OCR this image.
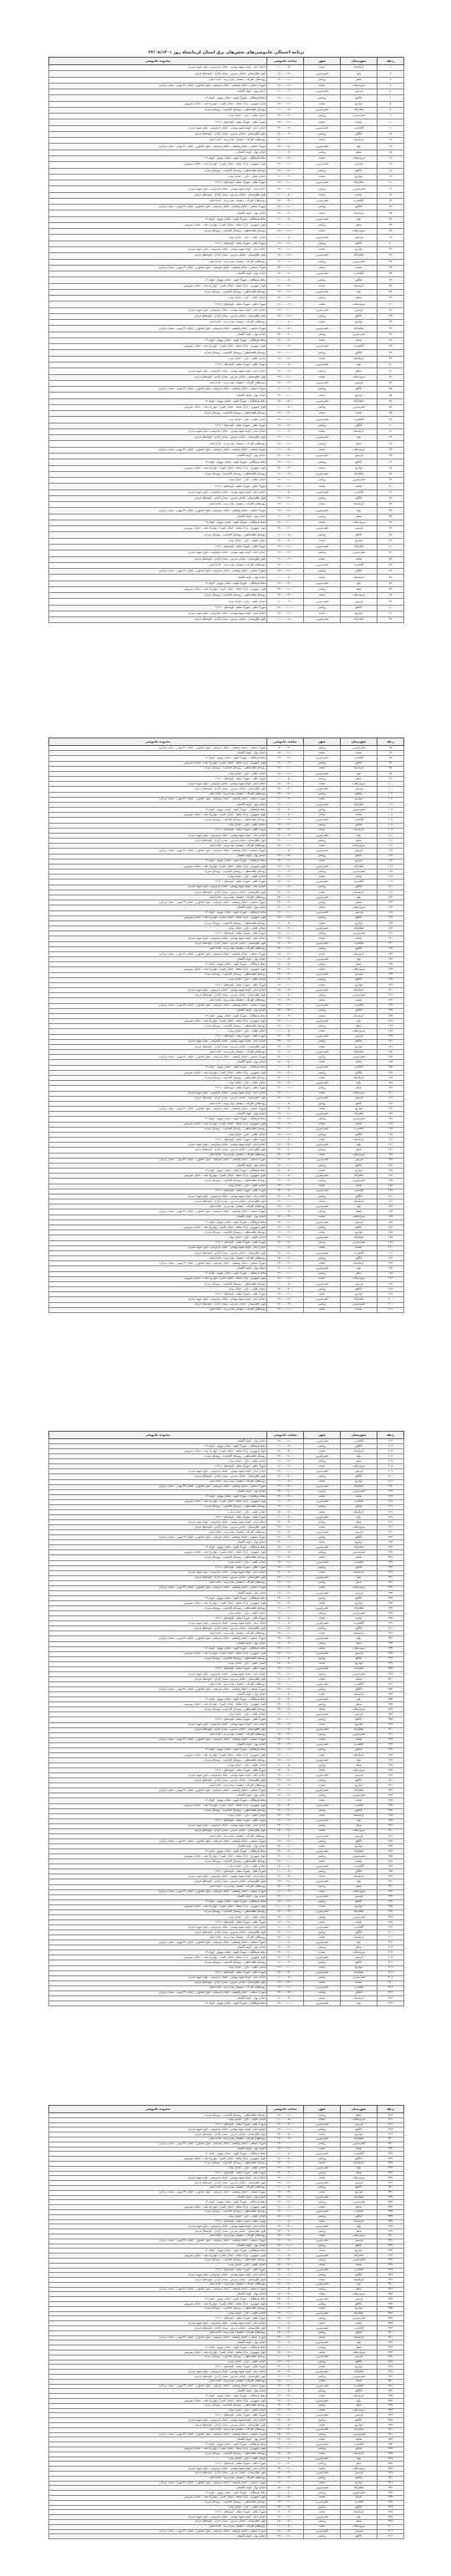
برنامه احتمالی خاموشی‌های بخش‌های برق استان کرمانشاه روز ۲۲/۰۸/۱۴۰۱
ردیف	شهرستان	شهر	ساعت خاموشی	محدوده خاموشی
۱	کرمانشاه	صحنه	۰۸:۰۰ - ۱۰:۰۰	خیابان امام - کوچه شهید بهشتی - خیابان فردوسی - بلوار شهید چمران
۲	پاوه	قصرشیرین	۱۴:۰۰ - ۱۶:۰۰	بلوار طاق‌بستان - خیابان مدرس - میدان آزادی - کوچه‌های فرعی
۳	سنقر	روانسر	۱۱:۰۰ - ۱۳:۰۰	روستاهای اطراف - دهستان میان‌دربند - جاده اصلی
۴	سرپل‌ذهاب	صحنه	۱۲:۰۰ - ۱۴:۰۰	شهرک صنعتی - خیابان ولیعصر - خیابان شریعتی - بلوار کشاورز - خیابان ۲۲ بهمن - میدان مرکزی
۵	هرسین	قصرشیرین	۰۹:۰۰ - ۱۱:۰۰	خیابان بهار - کوچه گلستان
۶	دالاهو	روانسر	۱۰:۰۰ - ۱۲:۰۰	محله فرهنگیان - شهرک الهیه - خیابان نوبهار - کوچه ۱۲
۷	جوانرود	صحنه	۱۶:۰۰ - ۱۸:۰۰	بلوار جمهوری - پارک شاهد - خیابان کسرا - چهارراه نفت - خیابان سیروس
۸	اسلام‌آباد	قصرشیرین	۰۸:۰۰ - ۱۰:۰۰	روستای قلعه‌شاهین - روستای کله‌جوب - روستای سراب
۹	قصرشیرین	روانسر	۱۴:۰۰ - ۱۶:۰۰	خیابان جلیلی - بازار - خیابان نواب
۱۰	صحنه	صحنه	۱۱:۰۰ - ۱۳:۰۰	شهرک ظفر - شهرک معلم - کوچه‌های ۱ تا ۱۴
۱۱	گیلانغرب	قصرشیرین	۱۲:۰۰ - ۱۴:۰۰	خیابان امام - کوچه شهید بهشتی - خیابان فردوسی - بلوار شهید چمران
۱۲	کنگاور	روانسر	۰۹:۰۰ - ۱۱:۰۰	بلوار طاق‌بستان - خیابان مدرس - میدان آزادی - کوچه‌های فرعی
۱۳	کرمانشاه	صحنه	۱۰:۰۰ - ۱۲:۰۰	روستاهای اطراف - دهستان میان‌دربند - جاده اصلی
۱۴	پاوه	قصرشیرین	۱۶:۰۰ - ۱۸:۰۰	شهرک صنعتی - خیابان ولیعصر - خیابان شریعتی - بلوار کشاورز - خیابان ۲۲ بهمن - میدان مرکزی
۱۵	سنقر	روانسر	۰۸:۰۰ - ۱۰:۰۰	خیابان بهار - کوچه گلستان
۱۶	سرپل‌ذهاب	صحنه	۱۴:۰۰ - ۱۶:۰۰	محله فرهنگیان - شهرک الهیه - خیابان نوبهار - کوچه ۱۲
۱۷	هرسین	قصرشیرین	۱۱:۰۰ - ۱۳:۰۰	بلوار جمهوری - پارک شاهد - خیابان کسرا - چهارراه نفت - خیابان سیروس
۱۸	دالاهو	روانسر	۱۲:۰۰ - ۱۴:۰۰	روستای قلعه‌شاهین - روستای کله‌جوب - روستای سراب
۱۹	جوانرود	صحنه	۰۹:۰۰ - ۱۱:۰۰	خیابان جلیلی - بازار - خیابان نواب
۲۰	اسلام‌آباد	قصرشیرین	۱۰:۰۰ - ۱۲:۰۰	شهرک ظفر - شهرک معلم - کوچه‌های ۱ تا ۱۴
۲۱	قصرشیرین	روانسر	۱۶:۰۰ - ۱۸:۰۰	خیابان امام - کوچه شهید بهشتی - خیابان فردوسی - بلوار شهید چمران
۲۲	صحنه	صحنه	۰۸:۰۰ - ۱۰:۰۰	بلوار طاق‌بستان - خیابان مدرس - میدان آزادی - کوچه‌های فرعی
۲۳	گیلانغرب	قصرشیرین	۱۴:۰۰ - ۱۶:۰۰	روستاهای اطراف - دهستان میان‌دربند - جاده اصلی
۲۴	کنگاور	روانسر	۱۱:۰۰ - ۱۳:۰۰	شهرک صنعتی - خیابان ولیعصر - خیابان شریعتی - بلوار کشاورز - خیابان ۲۲ بهمن - میدان مرکزی
۲۵	کرمانشاه	صحنه	۱۲:۰۰ - ۱۴:۰۰	خیابان بهار - کوچه گلستان
۲۶	پاوه	قصرشیرین	۰۹:۰۰ - ۱۱:۰۰	محله فرهنگیان - شهرک الهیه - خیابان نوبهار - کوچه ۱۲
۲۷	سنقر	روانسر	۱۰:۰۰ - ۱۲:۰۰	بلوار جمهوری - پارک شاهد - خیابان کسرا - چهارراه نفت - خیابان سیروس
۲۸	سرپل‌ذهاب	صحنه	۱۶:۰۰ - ۱۸:۰۰	روستای قلعه‌شاهین - روستای کله‌جوب - روستای سراب
۲۹	هرسین	قصرشیرین	۰۸:۰۰ - ۱۰:۰۰	خیابان جلیلی - بازار - خیابان نواب
۳۰	دالاهو	روانسر	۱۴:۰۰ - ۱۶:۰۰	شهرک ظفر - شهرک معلم - کوچه‌های ۱ تا ۱۴
۳۱	جوانرود	صحنه	۱۱:۰۰ - ۱۳:۰۰	خیابان امام - کوچه شهید بهشتی - خیابان فردوسی - بلوار شهید چمران
۳۲	اسلام‌آباد	قصرشیرین	۱۲:۰۰ - ۱۴:۰۰	بلوار طاق‌بستان - خیابان مدرس - میدان آزادی - کوچه‌های فرعی
۳۳	قصرشیرین	روانسر	۰۹:۰۰ - ۱۱:۰۰	روستاهای اطراف - دهستان میان‌دربند - جاده اصلی
۳۴	صحنه	صحنه	۱۰:۰۰ - ۱۲:۰۰	شهرک صنعتی - خیابان ولیعصر - خیابان شریعتی - بلوار کشاورز - خیابان ۲۲ بهمن - میدان مرکزی
۳۵	گیلانغرب	قصرشیرین	۱۶:۰۰ - ۱۸:۰۰	خیابان بهار - کوچه گلستان
۳۶	کنگاور	روانسر	۰۸:۰۰ - ۱۰:۰۰	محله فرهنگیان - شهرک الهیه - خیابان نوبهار - کوچه ۱۲
۳۷	کرمانشاه	صحنه	۱۴:۰۰ - ۱۶:۰۰	بلوار جمهوری - پارک شاهد - خیابان کسرا - چهارراه نفت - خیابان سیروس
۳۸	پاوه	قصرشیرین	۱۱:۰۰ - ۱۳:۰۰	روستای قلعه‌شاهین - روستای کله‌جوب - روستای سراب
۳۹	سنقر	روانسر	۱۲:۰۰ - ۱۴:۰۰	خیابان جلیلی - بازار - خیابان نواب
۴۰	سرپل‌ذهاب	صحنه	۰۹:۰۰ - ۱۱:۰۰	شهرک ظفر - شهرک معلم - کوچه‌های ۱ تا ۱۴
۴۱	هرسین	قصرشیرین	۱۰:۰۰ - ۱۲:۰۰	خیابان امام - کوچه شهید بهشتی - خیابان فردوسی - بلوار شهید چمران
۴۲	دالاهو	روانسر	۱۶:۰۰ - ۱۸:۰۰	بلوار طاق‌بستان - خیابان مدرس - میدان آزادی - کوچه‌های فرعی
۴۳	جوانرود	صحنه	۰۸:۰۰ - ۱۰:۰۰	روستاهای اطراف - دهستان میان‌دربند - جاده اصلی
۴۴	اسلام‌آباد	قصرشیرین	۱۴:۰۰ - ۱۶:۰۰	شهرک صنعتی - خیابان ولیعصر - خیابان شریعتی - بلوار کشاورز - خیابان ۲۲ بهمن - میدان مرکزی
۴۵	قصرشیرین	روانسر	۱۱:۰۰ - ۱۳:۰۰	خیابان بهار - کوچه گلستان
۴۶	صحنه	صحنه	۱۲:۰۰ - ۱۴:۰۰	محله فرهنگیان - شهرک الهیه - خیابان نوبهار - کوچه ۱۲
۴۷	گیلانغرب	قصرشیرین	۰۹:۰۰ - ۱۱:۰۰	بلوار جمهوری - پارک شاهد - خیابان کسرا - چهارراه نفت - خیابان سیروس
۴۸	کنگاور	روانسر	۱۰:۰۰ - ۱۲:۰۰	روستای قلعه‌شاهین - روستای کله‌جوب - روستای سراب
۴۹	کرمانشاه	صحنه	۱۶:۰۰ - ۱۸:۰۰	خیابان جلیلی - بازار - خیابان نواب
۵۰	پاوه	قصرشیرین	۰۸:۰۰ - ۱۰:۰۰	شهرک ظفر - شهرک معلم - کوچه‌های ۱ تا ۱۴
۵۱	سنقر	روانسر	۱۴:۰۰ - ۱۶:۰۰	خیابان امام - کوچه شهید بهشتی - خیابان فردوسی - بلوار شهید چمران
۵۲	سرپل‌ذهاب	صحنه	۱۱:۰۰ - ۱۳:۰۰	بلوار طاق‌بستان - خیابان مدرس - میدان آزادی - کوچه‌های فرعی
۵۳	هرسین	قصرشیرین	۱۲:۰۰ - ۱۴:۰۰	روستاهای اطراف - دهستان میان‌دربند - جاده اصلی
۵۴	دالاهو	روانسر	۰۹:۰۰ - ۱۱:۰۰	شهرک صنعتی - خیابان ولیعصر - خیابان شریعتی - بلوار کشاورز - خیابان ۲۲ بهمن - میدان مرکزی
۵۵	جوانرود	صحنه	۱۰:۰۰ - ۱۲:۰۰	خیابان بهار - کوچه گلستان
۵۶	اسلام‌آباد	قصرشیرین	۱۶:۰۰ - ۱۸:۰۰	محله فرهنگیان - شهرک الهیه - خیابان نوبهار - کوچه ۱۲
۵۷	قصرشیرین	روانسر	۰۸:۰۰ - ۱۰:۰۰	بلوار جمهوری - پارک شاهد - خیابان کسرا - چهارراه نفت - خیابان سیروس
۵۸	صحنه	صحنه	۱۴:۰۰ - ۱۶:۰۰	روستای قلعه‌شاهین - روستای کله‌جوب - روستای سراب
۵۹	گیلانغرب	قصرشیرین	۱۱:۰۰ - ۱۳:۰۰	خیابان جلیلی - بازار - خیابان نواب
۶۰	کنگاور	روانسر	۱۲:۰۰ - ۱۴:۰۰	شهرک ظفر - شهرک معلم - کوچه‌های ۱ تا ۱۴
۶۱	کرمانشاه	صحنه	۰۹:۰۰ - ۱۱:۰۰	خیابان امام - کوچه شهید بهشتی - خیابان فردوسی - بلوار شهید چمران
۶۲	پاوه	قصرشیرین	۱۰:۰۰ - ۱۲:۰۰	بلوار طاق‌بستان - خیابان مدرس - میدان آزادی - کوچه‌های فرعی
۶۳	سنقر	روانسر	۱۶:۰۰ - ۱۸:۰۰	روستاهای اطراف - دهستان میان‌دربند - جاده اصلی
۶۴	سرپل‌ذهاب	صحنه	۰۸:۰۰ - ۱۰:۰۰	شهرک صنعتی - خیابان ولیعصر - خیابان شریعتی - بلوار کشاورز - خیابان ۲۲ بهمن - میدان مرکزی
۶۵	هرسین	قصرشیرین	۱۴:۰۰ - ۱۶:۰۰	خیابان بهار - کوچه گلستان
۶۶	دالاهو	روانسر	۱۱:۰۰ - ۱۳:۰۰	محله فرهنگیان - شهرک الهیه - خیابان نوبهار - کوچه ۱۲
۶۷	جوانرود	صحنه	۱۲:۰۰ - ۱۴:۰۰	بلوار جمهوری - پارک شاهد - خیابان کسرا - چهارراه نفت - خیابان سیروس
۶۸	اسلام‌آباد	قصرشیرین	۰۹:۰۰ - ۱۱:۰۰	روستای قلعه‌شاهین - روستای کله‌جوب - روستای سراب
۶۹	قصرشیرین	روانسر	۱۰:۰۰ - ۱۲:۰۰	خیابان جلیلی - بازار - خیابان نواب
۷۰	صحنه	صحنه	۱۶:۰۰ - ۱۸:۰۰	شهرک ظفر - شهرک معلم - کوچه‌های ۱ تا ۱۴
۷۱	گیلانغرب	قصرشیرین	۰۸:۰۰ - ۱۰:۰۰	خیابان امام - کوچه شهید بهشتی - خیابان فردوسی - بلوار شهید چمران
۷۲	کنگاور	روانسر	۱۴:۰۰ - ۱۶:۰۰	بلوار طاق‌بستان - خیابان مدرس - میدان آزادی - کوچه‌های فرعی
۷۳	کرمانشاه	صحنه	۱۱:۰۰ - ۱۳:۰۰	روستاهای اطراف - دهستان میان‌دربند - جاده اصلی
۷۴	پاوه	قصرشیرین	۱۲:۰۰ - ۱۴:۰۰	شهرک صنعتی - خیابان ولیعصر - خیابان شریعتی - بلوار کشاورز - خیابان ۲۲ بهمن - میدان مرکزی
۷۵	سنقر	روانسر	۰۹:۰۰ - ۱۱:۰۰	خیابان بهار - کوچه گلستان
۷۶	سرپل‌ذهاب	صحنه	۱۰:۰۰ - ۱۲:۰۰	محله فرهنگیان - شهرک الهیه - خیابان نوبهار - کوچه ۱۲
۷۷	هرسین	قصرشیرین	۱۶:۰۰ - ۱۸:۰۰	بلوار جمهوری - پارک شاهد - خیابان کسرا - چهارراه نفت - خیابان سیروس
۷۸	دالاهو	روانسر	۰۸:۰۰ - ۱۰:۰۰	روستای قلعه‌شاهین - روستای کله‌جوب - روستای سراب
۷۹	جوانرود	صحنه	۱۴:۰۰ - ۱۶:۰۰	خیابان جلیلی - بازار - خیابان نواب
۸۰	اسلام‌آباد	قصرشیرین	۱۱:۰۰ - ۱۳:۰۰	شهرک ظفر - شهرک معلم - کوچه‌های ۱ تا ۱۴
۸۱	قصرشیرین	روانسر	۱۲:۰۰ - ۱۴:۰۰	خیابان امام - کوچه شهید بهشتی - خیابان فردوسی - بلوار شهید چمران
۸۲	صحنه	صحنه	۰۹:۰۰ - ۱۱:۰۰	بلوار طاق‌بستان - خیابان مدرس - میدان آزادی - کوچه‌های فرعی
۸۳	گیلانغرب	قصرشیرین	۱۰:۰۰ - ۱۲:۰۰	روستاهای اطراف - دهستان میان‌دربند - جاده اصلی
۸۴	کنگاور	روانسر	۱۶:۰۰ - ۱۸:۰۰	شهرک صنعتی - خیابان ولیعصر - خیابان شریعتی - بلوار کشاورز - خیابان ۲۲ بهمن - میدان مرکزی
۸۵	کرمانشاه	صحنه	۰۸:۰۰ - ۱۰:۰۰	خیابان بهار - کوچه گلستان
۸۶	پاوه	قصرشیرین	۱۴:۰۰ - ۱۶:۰۰	محله فرهنگیان - شهرک الهیه - خیابان نوبهار - کوچه ۱۲
۸۷	سنقر	روانسر	۱۱:۰۰ - ۱۳:۰۰	بلوار جمهوری - پارک شاهد - خیابان کسرا - چهارراه نفت - خیابان سیروس
۸۸	سرپل‌ذهاب	صحنه	۱۲:۰۰ - ۱۴:۰۰	روستای قلعه‌شاهین - روستای کله‌جوب - روستای سراب
۸۹	هرسین	قصرشیرین	۰۹:۰۰ - ۱۱:۰۰	خیابان جلیلی - بازار - خیابان نواب
۹۰	دالاهو	روانسر	۱۰:۰۰ - ۱۲:۰۰	شهرک ظفر - شهرک معلم - کوچه‌های ۱ تا ۱۴
۹۱	جوانرود	صحنه	۱۶:۰۰ - ۱۸:۰۰	خیابان امام - کوچه شهید بهشتی - خیابان فردوسی - بلوار شهید چمران
۹۲	اسلام‌آباد	قصرشیرین	۰۸:۰۰ - ۱۰:۰۰	بلوار طاق‌بستان - خیابان مدرس - میدان آزادی - کوچه‌های فرعی
ردیف	شهرستان	شهر	ساعت خاموشی	محدوده خاموشی
۹۳	قصرشیرین	روانسر	۱۴:۰۰ - ۱۶:۰۰	شهرک صنعتی - خیابان ولیعصر - خیابان شریعتی - بلوار کشاورز - خیابان ۲۲ بهمن - میدان مرکزی
۹۴	صحنه	صحنه	۱۱:۰۰ - ۱۳:۰۰	خیابان بهار - کوچه گلستان
۹۵	گیلانغرب	قصرشیرین	۱۲:۰۰ - ۱۴:۰۰	محله فرهنگیان - شهرک الهیه - خیابان نوبهار - کوچه ۱۲
۹۶	کنگاور	روانسر	۰۹:۰۰ - ۱۱:۰۰	بلوار جمهوری - پارک شاهد - خیابان کسرا - چهارراه نفت - خیابان سیروس
۹۷	کرمانشاه	صحنه	۱۰:۰۰ - ۱۲:۰۰	روستای قلعه‌شاهین - روستای کله‌جوب - روستای سراب
۹۸	پاوه	قصرشیرین	۱۶:۰۰ - ۱۸:۰۰	خیابان جلیلی - بازار - خیابان نواب
۹۹	سنقر	روانسر	۰۸:۰۰ - ۱۰:۰۰	شهرک ظفر - شهرک معلم - کوچه‌های ۱ تا ۱۴
۱۰۰	سرپل‌ذهاب	صحنه	۱۴:۰۰ - ۱۶:۰۰	خیابان امام - کوچه شهید بهشتی - خیابان فردوسی - بلوار شهید چمران
۱۰۱	هرسین	قصرشیرین	۱۱:۰۰ - ۱۳:۰۰	بلوار طاق‌بستان - خیابان مدرس - میدان آزادی - کوچه‌های فرعی
۱۰۲	دالاهو	روانسر	۱۲:۰۰ - ۱۴:۰۰	روستاهای اطراف - دهستان میان‌دربند - جاده اصلی
۱۰۳	جوانرود	صحنه	۰۹:۰۰ - ۱۱:۰۰	شهرک صنعتی - خیابان ولیعصر - خیابان شریعتی - بلوار کشاورز - خیابان ۲۲ بهمن - میدان مرکزی
۱۰۴	اسلام‌آباد	قصرشیرین	۱۰:۰۰ - ۱۲:۰۰	خیابان بهار - کوچه گلستان
۱۰۵	قصرشیرین	روانسر	۱۶:۰۰ - ۱۸:۰۰	محله فرهنگیان - شهرک الهیه - خیابان نوبهار - کوچه ۱۲
۱۰۶	صحنه	صحنه	۰۸:۰۰ - ۱۰:۰۰	بلوار جمهوری - پارک شاهد - خیابان کسرا - چهارراه نفت - خیابان سیروس
۱۰۷	گیلانغرب	قصرشیرین	۱۴:۰۰ - ۱۶:۰۰	روستای قلعه‌شاهین - روستای کله‌جوب - روستای سراب
۱۰۸	کنگاور	روانسر	۱۱:۰۰ - ۱۳:۰۰	خیابان جلیلی - بازار - خیابان نواب
۱۰۹	کرمانشاه	صحنه	۱۲:۰۰ - ۱۴:۰۰	شهرک ظفر - شهرک معلم - کوچه‌های ۱ تا ۱۴
۱۱۰	پاوه	قصرشیرین	۰۹:۰۰ - ۱۱:۰۰	خیابان امام - کوچه شهید بهشتی - خیابان فردوسی - بلوار شهید چمران
۱۱۱	سنقر	روانسر	۱۰:۰۰ - ۱۲:۰۰	بلوار طاق‌بستان - خیابان مدرس - میدان آزادی - کوچه‌های فرعی
۱۱۲	سرپل‌ذهاب	صحنه	۱۶:۰۰ - ۱۸:۰۰	روستاهای اطراف - دهستان میان‌دربند - جاده اصلی
۱۱۳	هرسین	قصرشیرین	۰۸:۰۰ - ۱۰:۰۰	شهرک صنعتی - خیابان ولیعصر - خیابان شریعتی - بلوار کشاورز - خیابان ۲۲ بهمن - میدان مرکزی
۱۱۴	دالاهو	روانسر	۱۴:۰۰ - ۱۶:۰۰	خیابان بهار - کوچه گلستان
۱۱۵	جوانرود	صحنه	۱۱:۰۰ - ۱۳:۰۰	محله فرهنگیان - شهرک الهیه - خیابان نوبهار - کوچه ۱۲
۱۱۶	اسلام‌آباد	قصرشیرین	۱۲:۰۰ - ۱۴:۰۰	بلوار جمهوری - پارک شاهد - خیابان کسرا - چهارراه نفت - خیابان سیروس
۱۱۷	قصرشیرین	روانسر	۰۹:۰۰ - ۱۱:۰۰	روستای قلعه‌شاهین - روستای کله‌جوب - روستای سراب
۱۱۸	صحنه	صحنه	۱۰:۰۰ - ۱۲:۰۰	خیابان جلیلی - بازار - خیابان نواب
۱۱۹	گیلانغرب	قصرشیرین	۱۶:۰۰ - ۱۸:۰۰	شهرک ظفر - شهرک معلم - کوچه‌های ۱ تا ۱۴
۱۲۰	کنگاور	روانسر	۰۸:۰۰ - ۱۰:۰۰	خیابان امام - کوچه شهید بهشتی - خیابان فردوسی - بلوار شهید چمران
۱۲۱	کرمانشاه	صحنه	۱۴:۰۰ - ۱۶:۰۰	بلوار طاق‌بستان - خیابان مدرس - میدان آزادی - کوچه‌های فرعی
۱۲۲	پاوه	قصرشیرین	۱۱:۰۰ - ۱۳:۰۰	روستاهای اطراف - دهستان میان‌دربند - جاده اصلی
۱۲۳	سنقر	روانسر	۱۲:۰۰ - ۱۴:۰۰	شهرک صنعتی - خیابان ولیعصر - خیابان شریعتی - بلوار کشاورز - خیابان ۲۲ بهمن - میدان مرکزی
۱۲۴	سرپل‌ذهاب	صحنه	۰۹:۰۰ - ۱۱:۰۰	خیابان بهار - کوچه گلستان
۱۲۵	هرسین	قصرشیرین	۱۰:۰۰ - ۱۲:۰۰	محله فرهنگیان - شهرک الهیه - خیابان نوبهار - کوچه ۱۲
۱۲۶	دالاهو	روانسر	۱۶:۰۰ - ۱۸:۰۰	بلوار جمهوری - پارک شاهد - خیابان کسرا - چهارراه نفت - خیابان سیروس
۱۲۷	جوانرود	صحنه	۰۸:۰۰ - ۱۰:۰۰	روستای قلعه‌شاهین - روستای کله‌جوب - روستای سراب
۱۲۸	اسلام‌آباد	قصرشیرین	۱۴:۰۰ - ۱۶:۰۰	خیابان جلیلی - بازار - خیابان نواب
۱۲۹	قصرشیرین	روانسر	۱۱:۰۰ - ۱۳:۰۰	شهرک ظفر - شهرک معلم - کوچه‌های ۱ تا ۱۴
۱۳۰	صحنه	صحنه	۱۲:۰۰ - ۱۴:۰۰	خیابان امام - کوچه شهید بهشتی - خیابان فردوسی - بلوار شهید چمران
۱۳۱	گیلانغرب	قصرشیرین	۰۹:۰۰ - ۱۱:۰۰	بلوار طاق‌بستان - خیابان مدرس - میدان آزادی - کوچه‌های فرعی
۱۳۲	کنگاور	روانسر	۱۰:۰۰ - ۱۲:۰۰	روستاهای اطراف - دهستان میان‌دربند - جاده اصلی
۱۳۳	کرمانشاه	صحنه	۱۶:۰۰ - ۱۸:۰۰	شهرک صنعتی - خیابان ولیعصر - خیابان شریعتی - بلوار کشاورز - خیابان ۲۲ بهمن - میدان مرکزی
۱۳۴	پاوه	قصرشیرین	۰۸:۰۰ - ۱۰:۰۰	خیابان بهار - کوچه گلستان
۱۳۵	سنقر	روانسر	۱۴:۰۰ - ۱۶:۰۰	محله فرهنگیان - شهرک الهیه - خیابان نوبهار - کوچه ۱۲
۱۳۶	سرپل‌ذهاب	صحنه	۱۱:۰۰ - ۱۳:۰۰	بلوار جمهوری - پارک شاهد - خیابان کسرا - چهارراه نفت - خیابان سیروس
۱۳۷	هرسین	قصرشیرین	۱۲:۰۰ - ۱۴:۰۰	روستای قلعه‌شاهین - روستای کله‌جوب - روستای سراب
۱۳۸	دالاهو	روانسر	۰۹:۰۰ - ۱۱:۰۰	خیابان جلیلی - بازار - خیابان نواب
۱۳۹	جوانرود	صحنه	۱۰:۰۰ - ۱۲:۰۰	شهرک ظفر - شهرک معلم - کوچه‌های ۱ تا ۱۴
۱۴۰	اسلام‌آباد	قصرشیرین	۱۶:۰۰ - ۱۸:۰۰	خیابان امام - کوچه شهید بهشتی - خیابان فردوسی - بلوار شهید چمران
۱۴۱	قصرشیرین	روانسر	۰۸:۰۰ - ۱۰:۰۰	بلوار طاق‌بستان - خیابان مدرس - میدان آزادی - کوچه‌های فرعی
۱۴۲	صحنه	صحنه	۱۴:۰۰ - ۱۶:۰۰	روستاهای اطراف - دهستان میان‌دربند - جاده اصلی
۱۴۳	گیلانغرب	قصرشیرین	۱۱:۰۰ - ۱۳:۰۰	شهرک صنعتی - خیابان ولیعصر - خیابان شریعتی - بلوار کشاورز - خیابان ۲۲ بهمن - میدان مرکزی
۱۴۴	کنگاور	روانسر	۱۲:۰۰ - ۱۴:۰۰	خیابان بهار - کوچه گلستان
۱۴۵	کرمانشاه	صحنه	۰۹:۰۰ - ۱۱:۰۰	محله فرهنگیان - شهرک الهیه - خیابان نوبهار - کوچه ۱۲
۱۴۶	پاوه	قصرشیرین	۱۰:۰۰ - ۱۲:۰۰	بلوار جمهوری - پارک شاهد - خیابان کسرا - چهارراه نفت - خیابان سیروس
۱۴۷	سنقر	روانسر	۱۶:۰۰ - ۱۸:۰۰	روستای قلعه‌شاهین - روستای کله‌جوب - روستای سراب
۱۴۸	سرپل‌ذهاب	صحنه	۰۸:۰۰ - ۱۰:۰۰	خیابان جلیلی - بازار - خیابان نواب
۱۴۹	هرسین	قصرشیرین	۱۴:۰۰ - ۱۶:۰۰	شهرک ظفر - شهرک معلم - کوچه‌های ۱ تا ۱۴
۱۵۰	دالاهو	روانسر	۱۱:۰۰ - ۱۳:۰۰	خیابان امام - کوچه شهید بهشتی - خیابان فردوسی - بلوار شهید چمران
۱۵۱	جوانرود	صحنه	۱۲:۰۰ - ۱۴:۰۰	بلوار طاق‌بستان - خیابان مدرس - میدان آزادی - کوچه‌های فرعی
۱۵۲	اسلام‌آباد	قصرشیرین	۰۹:۰۰ - ۱۱:۰۰	روستاهای اطراف - دهستان میان‌دربند - جاده اصلی
۱۵۳	قصرشیرین	روانسر	۱۰:۰۰ - ۱۲:۰۰	شهرک صنعتی - خیابان ولیعصر - خیابان شریعتی - بلوار کشاورز - خیابان ۲۲ بهمن - میدان مرکزی
۱۵۴	صحنه	صحنه	۱۶:۰۰ - ۱۸:۰۰	خیابان بهار - کوچه گلستان
۱۵۵	گیلانغرب	قصرشیرین	۰۸:۰۰ - ۱۰:۰۰	محله فرهنگیان - شهرک الهیه - خیابان نوبهار - کوچه ۱۲
۱۵۶	کنگاور	روانسر	۱۴:۰۰ - ۱۶:۰۰	بلوار جمهوری - پارک شاهد - خیابان کسرا - چهارراه نفت - خیابان سیروس
۱۵۷	کرمانشاه	صحنه	۱۱:۰۰ - ۱۳:۰۰	روستای قلعه‌شاهین - روستای کله‌جوب - روستای سراب
۱۵۸	پاوه	قصرشیرین	۱۲:۰۰ - ۱۴:۰۰	خیابان جلیلی - بازار - خیابان نواب
۱۵۹	سنقر	روانسر	۰۹:۰۰ - ۱۱:۰۰	شهرک ظفر - شهرک معلم - کوچه‌های ۱ تا ۱۴
۱۶۰	سرپل‌ذهاب	صحنه	۱۰:۰۰ - ۱۲:۰۰	خیابان امام - کوچه شهید بهشتی - خیابان فردوسی - بلوار شهید چمران
۱۶۱	هرسین	قصرشیرین	۱۶:۰۰ - ۱۸:۰۰	بلوار طاق‌بستان - خیابان مدرس - میدان آزادی - کوچه‌های فرعی
۱۶۲	دالاهو	روانسر	۰۸:۰۰ - ۱۰:۰۰	روستاهای اطراف - دهستان میان‌دربند - جاده اصلی
۱۶۳	جوانرود	صحنه	۱۴:۰۰ - ۱۶:۰۰	شهرک صنعتی - خیابان ولیعصر - خیابان شریعتی - بلوار کشاورز - خیابان ۲۲ بهمن - میدان مرکزی
۱۶۴	اسلام‌آباد	قصرشیرین	۱۱:۰۰ - ۱۳:۰۰	خیابان بهار - کوچه گلستان
۱۶۵	قصرشیرین	روانسر	۱۲:۰۰ - ۱۴:۰۰	محله فرهنگیان - شهرک الهیه - خیابان نوبهار - کوچه ۱۲
۱۶۶	صحنه	صحنه	۰۹:۰۰ - ۱۱:۰۰	بلوار جمهوری - پارک شاهد - خیابان کسرا - چهارراه نفت - خیابان سیروس
۱۶۷	گیلانغرب	قصرشیرین	۱۰:۰۰ - ۱۲:۰۰	روستای قلعه‌شاهین - روستای کله‌جوب - روستای سراب
۱۶۸	کنگاور	روانسر	۱۶:۰۰ - ۱۸:۰۰	خیابان جلیلی - بازار - خیابان نواب
۱۶۹	کرمانشاه	صحنه	۰۸:۰۰ - ۱۰:۰۰	شهرک ظفر - شهرک معلم - کوچه‌های ۱ تا ۱۴
۱۷۰	پاوه	قصرشیرین	۱۴:۰۰ - ۱۶:۰۰	خیابان امام - کوچه شهید بهشتی - خیابان فردوسی - بلوار شهید چمران
۱۷۱	سنقر	روانسر	۱۱:۰۰ - ۱۳:۰۰	بلوار طاق‌بستان - خیابان مدرس - میدان آزادی - کوچه‌های فرعی
۱۷۲	سرپل‌ذهاب	صحنه	۱۲:۰۰ - ۱۴:۰۰	روستاهای اطراف - دهستان میان‌دربند - جاده اصلی
۱۷۳	هرسین	قصرشیرین	۰۹:۰۰ - ۱۱:۰۰	شهرک صنعتی - خیابان ولیعصر - خیابان شریعتی - بلوار کشاورز - خیابان ۲۲ بهمن - میدان مرکزی
۱۷۴	دالاهو	روانسر	۱۰:۰۰ - ۱۲:۰۰	خیابان بهار - کوچه گلستان
۱۷۵	جوانرود	صحنه	۱۶:۰۰ - ۱۸:۰۰	محله فرهنگیان - شهرک الهیه - خیابان نوبهار - کوچه ۱۲
۱۷۶	اسلام‌آباد	قصرشیرین	۰۸:۰۰ - ۱۰:۰۰	بلوار جمهوری - پارک شاهد - خیابان کسرا - چهارراه نفت - خیابان سیروس
۱۷۷	قصرشیرین	روانسر	۱۴:۰۰ - ۱۶:۰۰	روستای قلعه‌شاهین - روستای کله‌جوب - روستای سراب
۱۷۸	صحنه	صحنه	۱۱:۰۰ - ۱۳:۰۰	خیابان جلیلی - بازار - خیابان نواب
۱۷۹	گیلانغرب	قصرشیرین	۱۲:۰۰ - ۱۴:۰۰	شهرک ظفر - شهرک معلم - کوچه‌های ۱ تا ۱۴
۱۸۰	کنگاور	روانسر	۰۹:۰۰ - ۱۱:۰۰	خیابان امام - کوچه شهید بهشتی - خیابان فردوسی - بلوار شهید چمران
۱۸۱	کرمانشاه	صحنه	۱۰:۰۰ - ۱۲:۰۰	بلوار طاق‌بستان - خیابان مدرس - میدان آزادی - کوچه‌های فرعی
۱۸۲	پاوه	قصرشیرین	۱۶:۰۰ - ۱۸:۰۰	روستاهای اطراف - دهستان میان‌دربند - جاده اصلی
۱۸۳	سنقر	روانسر	۰۸:۰۰ - ۱۰:۰۰	شهرک صنعتی - خیابان ولیعصر - خیابان شریعتی - بلوار کشاورز - خیابان ۲۲ بهمن - میدان مرکزی
۱۸۴	سرپل‌ذهاب	صحنه	۱۴:۰۰ - ۱۶:۰۰	خیابان بهار - کوچه گلستان
۱۸۵	هرسین	قصرشیرین	۱۱:۰۰ - ۱۳:۰۰	محله فرهنگیان - شهرک الهیه - خیابان نوبهار - کوچه ۱۲
۱۸۶	دالاهو	روانسر	۱۲:۰۰ - ۱۴:۰۰	بلوار جمهوری - پارک شاهد - خیابان کسرا - چهارراه نفت - خیابان سیروس
۱۸۷	جوانرود	صحنه	۰۹:۰۰ - ۱۱:۰۰	روستای قلعه‌شاهین - روستای کله‌جوب - روستای سراب
۱۸۸	اسلام‌آباد	قصرشیرین	۱۰:۰۰ - ۱۲:۰۰	خیابان جلیلی - بازار - خیابان نواب
۱۸۹	قصرشیرین	روانسر	۱۶:۰۰ - ۱۸:۰۰	شهرک ظفر - شهرک معلم - کوچه‌های ۱ تا ۱۴
۱۹۰	صحنه	صحنه	۰۸:۰۰ - ۱۰:۰۰	خیابان امام - کوچه شهید بهشتی - خیابان فردوسی - بلوار شهید چمران
۱۹۱	گیلانغرب	قصرشیرین	۱۴:۰۰ - ۱۶:۰۰	بلوار طاق‌بستان - خیابان مدرس - میدان آزادی - کوچه‌های فرعی
۱۹۲	کنگاور	روانسر	۱۱:۰۰ - ۱۳:۰۰	روستاهای اطراف - دهستان میان‌دربند - جاده اصلی
۱۹۳	کرمانشاه	صحنه	۱۲:۰۰ - ۱۴:۰۰	شهرک صنعتی - خیابان ولیعصر - خیابان شریعتی - بلوار کشاورز - خیابان ۲۲ بهمن - میدان مرکزی
۱۹۴	پاوه	قصرشیرین	۰۹:۰۰ - ۱۱:۰۰	خیابان بهار - کوچه گلستان
۱۹۵	سنقر	روانسر	۱۰:۰۰ - ۱۲:۰۰	محله فرهنگیان - شهرک الهیه - خیابان نوبهار - کوچه ۱۲
۱۹۶	سرپل‌ذهاب	صحنه	۱۶:۰۰ - ۱۸:۰۰	بلوار جمهوری - پارک شاهد - خیابان کسرا - چهارراه نفت - خیابان سیروس
۱۹۷	هرسین	قصرشیرین	۰۸:۰۰ - ۱۰:۰۰	روستای قلعه‌شاهین - روستای کله‌جوب - روستای سراب
۱۹۸	دالاهو	روانسر	۱۴:۰۰ - ۱۶:۰۰	خیابان جلیلی - بازار - خیابان نواب
۱۹۹	جوانرود	صحنه	۱۱:۰۰ - ۱۳:۰۰	شهرک ظفر - شهرک معلم - کوچه‌های ۱ تا ۱۴
۲۰۰	اسلام‌آباد	قصرشیرین	۱۲:۰۰ - ۱۴:۰۰	خیابان امام - کوچه شهید بهشتی - خیابان فردوسی - بلوار شهید چمران
۲۰۱	قصرشیرین	روانسر	۰۹:۰۰ - ۱۱:۰۰	بلوار طاق‌بستان - خیابان مدرس - میدان آزادی - کوچه‌های فرعی
۲۰۲	صحنه	صحنه	۱۰:۰۰ - ۱۲:۰۰	روستاهای اطراف - دهستان میان‌دربند - جاده اصلی
ردیف	شهرستان	شهر	ساعت خاموشی	محدوده خاموشی
۲۰۳	گیلانغرب	قصرشیرین	۱۶:۰۰ - ۱۸:۰۰	خیابان بهار - کوچه گلستان
۲۰۴	کنگاور	روانسر	۰۸:۰۰ - ۱۰:۰۰	محله فرهنگیان - شهرک الهیه - خیابان نوبهار - کوچه ۱۲
۲۰۵	کرمانشاه	صحنه	۱۴:۰۰ - ۱۶:۰۰	بلوار جمهوری - پارک شاهد - خیابان کسرا - چهارراه نفت - خیابان سیروس
۲۰۶	پاوه	قصرشیرین	۱۱:۰۰ - ۱۳:۰۰	روستای قلعه‌شاهین - روستای کله‌جوب - روستای سراب
۲۰۷	سنقر	روانسر	۱۲:۰۰ - ۱۴:۰۰	خیابان جلیلی - بازار - خیابان نواب
۲۰۸	سرپل‌ذهاب	صحنه	۰۹:۰۰ - ۱۱:۰۰	شهرک ظفر - شهرک معلم - کوچه‌های ۱ تا ۱۴
۲۰۹	هرسین	قصرشیرین	۱۰:۰۰ - ۱۲:۰۰	خیابان امام - کوچه شهید بهشتی - خیابان فردوسی - بلوار شهید چمران
۲۱۰	دالاهو	روانسر	۱۶:۰۰ - ۱۸:۰۰	بلوار طاق‌بستان - خیابان مدرس - میدان آزادی - کوچه‌های فرعی
۲۱۱	جوانرود	صحنه	۰۸:۰۰ - ۱۰:۰۰	روستاهای اطراف - دهستان میان‌دربند - جاده اصلی
۲۱۲	اسلام‌آباد	قصرشیرین	۱۴:۰۰ - ۱۶:۰۰	شهرک صنعتی - خیابان ولیعصر - خیابان شریعتی - بلوار کشاورز - خیابان ۲۲ بهمن - میدان مرکزی
۲۱۳	قصرشیرین	روانسر	۱۱:۰۰ - ۱۳:۰۰	خیابان بهار - کوچه گلستان
۲۱۴	صحنه	صحنه	۱۲:۰۰ - ۱۴:۰۰	محله فرهنگیان - شهرک الهیه - خیابان نوبهار - کوچه ۱۲
۲۱۵	گیلانغرب	قصرشیرین	۰۹:۰۰ - ۱۱:۰۰	بلوار جمهوری - پارک شاهد - خیابان کسرا - چهارراه نفت - خیابان سیروس
۲۱۶	کنگاور	روانسر	۱۰:۰۰ - ۱۲:۰۰	روستای قلعه‌شاهین - روستای کله‌جوب - روستای سراب
۲۱۷	کرمانشاه	صحنه	۱۶:۰۰ - ۱۸:۰۰	خیابان جلیلی - بازار - خیابان نواب
۲۱۸	پاوه	قصرشیرین	۰۸:۰۰ - ۱۰:۰۰	شهرک ظفر - شهرک معلم - کوچه‌های ۱ تا ۱۴
۲۱۹	سنقر	روانسر	۱۴:۰۰ - ۱۶:۰۰	خیابان امام - کوچه شهید بهشتی - خیابان فردوسی - بلوار شهید چمران
۲۲۰	سرپل‌ذهاب	صحنه	۱۱:۰۰ - ۱۳:۰۰	بلوار طاق‌بستان - خیابان مدرس - میدان آزادی - کوچه‌های فرعی
۲۲۱	هرسین	قصرشیرین	۱۲:۰۰ - ۱۴:۰۰	روستاهای اطراف - دهستان میان‌دربند - جاده اصلی
۲۲۲	دالاهو	روانسر	۰۹:۰۰ - ۱۱:۰۰	شهرک صنعتی - خیابان ولیعصر - خیابان شریعتی - بلوار کشاورز - خیابان ۲۲ بهمن - میدان مرکزی
۲۲۳	جوانرود	صحنه	۱۰:۰۰ - ۱۲:۰۰	خیابان بهار - کوچه گلستان
۲۲۴	اسلام‌آباد	قصرشیرین	۱۶:۰۰ - ۱۸:۰۰	محله فرهنگیان - شهرک الهیه - خیابان نوبهار - کوچه ۱۲
۲۲۵	قصرشیرین	روانسر	۰۸:۰۰ - ۱۰:۰۰	بلوار جمهوری - پارک شاهد - خیابان کسرا - چهارراه نفت - خیابان سیروس
۲۲۶	صحنه	صحنه	۱۴:۰۰ - ۱۶:۰۰	روستای قلعه‌شاهین - روستای کله‌جوب - روستای سراب
۲۲۷	گیلانغرب	قصرشیرین	۱۱:۰۰ - ۱۳:۰۰	خیابان جلیلی - بازار - خیابان نواب
۲۲۸	کنگاور	روانسر	۱۲:۰۰ - ۱۴:۰۰	شهرک ظفر - شهرک معلم - کوچه‌های ۱ تا ۱۴
۲۲۹	کرمانشاه	صحنه	۰۹:۰۰ - ۱۱:۰۰	خیابان امام - کوچه شهید بهشتی - خیابان فردوسی - بلوار شهید چمران
۲۳۰	پاوه	قصرشیرین	۱۰:۰۰ - ۱۲:۰۰	بلوار طاق‌بستان - خیابان مدرس - میدان آزادی - کوچه‌های فرعی
۲۳۱	سنقر	روانسر	۱۶:۰۰ - ۱۸:۰۰	روستاهای اطراف - دهستان میان‌دربند - جاده اصلی
۲۳۲	سرپل‌ذهاب	صحنه	۰۸:۰۰ - ۱۰:۰۰	شهرک صنعتی - خیابان ولیعصر - خیابان شریعتی - بلوار کشاورز - خیابان ۲۲ بهمن - میدان مرکزی
۲۳۳	هرسین	قصرشیرین	۱۴:۰۰ - ۱۶:۰۰	خیابان بهار - کوچه گلستان
۲۳۴	دالاهو	روانسر	۱۱:۰۰ - ۱۳:۰۰	محله فرهنگیان - شهرک الهیه - خیابان نوبهار - کوچه ۱۲
۲۳۵	جوانرود	صحنه	۱۲:۰۰ - ۱۴:۰۰	بلوار جمهوری - پارک شاهد - خیابان کسرا - چهارراه نفت - خیابان سیروس
۲۳۶	اسلام‌آباد	قصرشیرین	۰۹:۰۰ - ۱۱:۰۰	روستای قلعه‌شاهین - روستای کله‌جوب - روستای سراب
۲۳۷	قصرشیرین	روانسر	۱۰:۰۰ - ۱۲:۰۰	خیابان جلیلی - بازار - خیابان نواب
۲۳۸	صحنه	صحنه	۱۶:۰۰ - ۱۸:۰۰	شهرک ظفر - شهرک معلم - کوچه‌های ۱ تا ۱۴
۲۳۹	گیلانغرب	قصرشیرین	۰۸:۰۰ - ۱۰:۰۰	خیابان امام - کوچه شهید بهشتی - خیابان فردوسی - بلوار شهید چمران
۲۴۰	کنگاور	روانسر	۱۴:۰۰ - ۱۶:۰۰	بلوار طاق‌بستان - خیابان مدرس - میدان آزادی - کوچه‌های فرعی
۲۴۱	کرمانشاه	صحنه	۱۱:۰۰ - ۱۳:۰۰	روستاهای اطراف - دهستان میان‌دربند - جاده اصلی
۲۴۲	پاوه	قصرشیرین	۱۲:۰۰ - ۱۴:۰۰	شهرک صنعتی - خیابان ولیعصر - خیابان شریعتی - بلوار کشاورز - خیابان ۲۲ بهمن - میدان مرکزی
۲۴۳	سنقر	روانسر	۰۹:۰۰ - ۱۱:۰۰	خیابان بهار - کوچه گلستان
۲۴۴	سرپل‌ذهاب	صحنه	۱۰:۰۰ - ۱۲:۰۰	محله فرهنگیان - شهرک الهیه - خیابان نوبهار - کوچه ۱۲
۲۴۵	هرسین	قصرشیرین	۱۶:۰۰ - ۱۸:۰۰	بلوار جمهوری - پارک شاهد - خیابان کسرا - چهارراه نفت - خیابان سیروس
۲۴۶	دالاهو	روانسر	۰۸:۰۰ - ۱۰:۰۰	روستای قلعه‌شاهین - روستای کله‌جوب - روستای سراب
۲۴۷	جوانرود	صحنه	۱۴:۰۰ - ۱۶:۰۰	خیابان جلیلی - بازار - خیابان نواب
۲۴۸	اسلام‌آباد	قصرشیرین	۱۱:۰۰ - ۱۳:۰۰	شهرک ظفر - شهرک معلم - کوچه‌های ۱ تا ۱۴
۲۴۹	قصرشیرین	روانسر	۱۲:۰۰ - ۱۴:۰۰	خیابان امام - کوچه شهید بهشتی - خیابان فردوسی - بلوار شهید چمران
۲۵۰	صحنه	صحنه	۰۹:۰۰ - ۱۱:۰۰	بلوار طاق‌بستان - خیابان مدرس - میدان آزادی - کوچه‌های فرعی
۲۵۱	گیلانغرب	قصرشیرین	۱۰:۰۰ - ۱۲:۰۰	روستاهای اطراف - دهستان میان‌دربند - جاده اصلی
۲۵۲	کنگاور	روانسر	۱۶:۰۰ - ۱۸:۰۰	شهرک صنعتی - خیابان ولیعصر - خیابان شریعتی - بلوار کشاورز - خیابان ۲۲ بهمن - میدان مرکزی
۲۵۳	کرمانشاه	صحنه	۰۸:۰۰ - ۱۰:۰۰	خیابان بهار - کوچه گلستان
۲۵۴	پاوه	قصرشیرین	۱۴:۰۰ - ۱۶:۰۰	محله فرهنگیان - شهرک الهیه - خیابان نوبهار - کوچه ۱۲
۲۵۵	سنقر	روانسر	۱۱:۰۰ - ۱۳:۰۰	بلوار جمهوری - پارک شاهد - خیابان کسرا - چهارراه نفت - خیابان سیروس
۲۵۶	سرپل‌ذهاب	صحنه	۱۲:۰۰ - ۱۴:۰۰	روستای قلعه‌شاهین - روستای کله‌جوب - روستای سراب
۲۵۷	هرسین	قصرشیرین	۰۹:۰۰ - ۱۱:۰۰	خیابان جلیلی - بازار - خیابان نواب
۲۵۸	دالاهو	روانسر	۱۰:۰۰ - ۱۲:۰۰	شهرک ظفر - شهرک معلم - کوچه‌های ۱ تا ۱۴
۲۵۹	جوانرود	صحنه	۱۶:۰۰ - ۱۸:۰۰	خیابان امام - کوچه شهید بهشتی - خیابان فردوسی - بلوار شهید چمران
۲۶۰	اسلام‌آباد	قصرشیرین	۰۸:۰۰ - ۱۰:۰۰	بلوار طاق‌بستان - خیابان مدرس - میدان آزادی - کوچه‌های فرعی
۲۶۱	قصرشیرین	روانسر	۱۴:۰۰ - ۱۶:۰۰	روستاهای اطراف - دهستان میان‌دربند - جاده اصلی
۲۶۲	صحنه	صحنه	۱۱:۰۰ - ۱۳:۰۰	شهرک صنعتی - خیابان ولیعصر - خیابان شریعتی - بلوار کشاورز - خیابان ۲۲ بهمن - میدان مرکزی
۲۶۳	گیلانغرب	قصرشیرین	۱۲:۰۰ - ۱۴:۰۰	خیابان بهار - کوچه گلستان
۲۶۴	کنگاور	روانسر	۰۹:۰۰ - ۱۱:۰۰	محله فرهنگیان - شهرک الهیه - خیابان نوبهار - کوچه ۱۲
۲۶۵	کرمانشاه	صحنه	۱۰:۰۰ - ۱۲:۰۰	بلوار جمهوری - پارک شاهد - خیابان کسرا - چهارراه نفت - خیابان سیروس
۲۶۶	پاوه	قصرشیرین	۱۶:۰۰ - ۱۸:۰۰	روستای قلعه‌شاهین - روستای کله‌جوب - روستای سراب
۲۶۷	سنقر	روانسر	۰۸:۰۰ - ۱۰:۰۰	خیابان جلیلی - بازار - خیابان نواب
۲۶۸	سرپل‌ذهاب	صحنه	۱۴:۰۰ - ۱۶:۰۰	شهرک ظفر - شهرک معلم - کوچه‌های ۱ تا ۱۴
۲۶۹	هرسین	قصرشیرین	۱۱:۰۰ - ۱۳:۰۰	خیابان امام - کوچه شهید بهشتی - خیابان فردوسی - بلوار شهید چمران
۲۷۰	دالاهو	روانسر	۱۲:۰۰ - ۱۴:۰۰	بلوار طاق‌بستان - خیابان مدرس - میدان آزادی - کوچه‌های فرعی
۲۷۱	جوانرود	صحنه	۰۹:۰۰ - ۱۱:۰۰	روستاهای اطراف - دهستان میان‌دربند - جاده اصلی
۲۷۲	اسلام‌آباد	قصرشیرین	۱۰:۰۰ - ۱۲:۰۰	شهرک صنعتی - خیابان ولیعصر - خیابان شریعتی - بلوار کشاورز - خیابان ۲۲ بهمن - میدان مرکزی
۲۷۳	قصرشیرین	روانسر	۱۶:۰۰ - ۱۸:۰۰	خیابان بهار - کوچه گلستان
۲۷۴	صحنه	صحنه	۰۸:۰۰ - ۱۰:۰۰	محله فرهنگیان - شهرک الهیه - خیابان نوبهار - کوچه ۱۲
۲۷۵	گیلانغرب	قصرشیرین	۱۴:۰۰ - ۱۶:۰۰	بلوار جمهوری - پارک شاهد - خیابان کسرا - چهارراه نفت - خیابان سیروس
۲۷۶	کنگاور	روانسر	۱۱:۰۰ - ۱۳:۰۰	روستای قلعه‌شاهین - روستای کله‌جوب - روستای سراب
۲۷۷	کرمانشاه	صحنه	۱۲:۰۰ - ۱۴:۰۰	خیابان جلیلی - بازار - خیابان نواب
۲۷۸	پاوه	قصرشیرین	۰۹:۰۰ - ۱۱:۰۰	شهرک ظفر - شهرک معلم - کوچه‌های ۱ تا ۱۴
۲۷۹	سنقر	روانسر	۱۰:۰۰ - ۱۲:۰۰	خیابان امام - کوچه شهید بهشتی - خیابان فردوسی - بلوار شهید چمران
۲۸۰	سرپل‌ذهاب	صحنه	۱۶:۰۰ - ۱۸:۰۰	بلوار طاق‌بستان - خیابان مدرس - میدان آزادی - کوچه‌های فرعی
۲۸۱	هرسین	قصرشیرین	۰۸:۰۰ - ۱۰:۰۰	روستاهای اطراف - دهستان میان‌دربند - جاده اصلی
۲۸۲	دالاهو	روانسر	۱۴:۰۰ - ۱۶:۰۰	شهرک صنعتی - خیابان ولیعصر - خیابان شریعتی - بلوار کشاورز - خیابان ۲۲ بهمن - میدان مرکزی
۲۸۳	جوانرود	صحنه	۱۱:۰۰ - ۱۳:۰۰	خیابان بهار - کوچه گلستان
۲۸۴	اسلام‌آباد	قصرشیرین	۱۲:۰۰ - ۱۴:۰۰	محله فرهنگیان - شهرک الهیه - خیابان نوبهار - کوچه ۱۲
۲۸۵	قصرشیرین	روانسر	۰۹:۰۰ - ۱۱:۰۰	بلوار جمهوری - پارک شاهد - خیابان کسرا - چهارراه نفت - خیابان سیروس
۲۸۶	صحنه	صحنه	۱۰:۰۰ - ۱۲:۰۰	روستای قلعه‌شاهین - روستای کله‌جوب - روستای سراب
۲۸۷	گیلانغرب	قصرشیرین	۱۶:۰۰ - ۱۸:۰۰	خیابان جلیلی - بازار - خیابان نواب
۲۸۸	کنگاور	روانسر	۰۸:۰۰ - ۱۰:۰۰	شهرک ظفر - شهرک معلم - کوچه‌های ۱ تا ۱۴
۲۸۹	کرمانشاه	صحنه	۱۴:۰۰ - ۱۶:۰۰	خیابان امام - کوچه شهید بهشتی - خیابان فردوسی - بلوار شهید چمران
۲۹۰	پاوه	قصرشیرین	۱۱:۰۰ - ۱۳:۰۰	بلوار طاق‌بستان - خیابان مدرس - میدان آزادی - کوچه‌های فرعی
۲۹۱	سنقر	روانسر	۱۲:۰۰ - ۱۴:۰۰	روستاهای اطراف - دهستان میان‌دربند - جاده اصلی
۲۹۲	سرپل‌ذهاب	صحنه	۰۹:۰۰ - ۱۱:۰۰	شهرک صنعتی - خیابان ولیعصر - خیابان شریعتی - بلوار کشاورز - خیابان ۲۲ بهمن - میدان مرکزی
۲۹۳	هرسین	قصرشیرین	۱۰:۰۰ - ۱۲:۰۰	خیابان بهار - کوچه گلستان
۲۹۴	دالاهو	روانسر	۱۶:۰۰ - ۱۸:۰۰	محله فرهنگیان - شهرک الهیه - خیابان نوبهار - کوچه ۱۲
۲۹۵	جوانرود	صحنه	۰۸:۰۰ - ۱۰:۰۰	بلوار جمهوری - پارک شاهد - خیابان کسرا - چهارراه نفت - خیابان سیروس
۲۹۶	اسلام‌آباد	قصرشیرین	۱۴:۰۰ - ۱۶:۰۰	روستای قلعه‌شاهین - روستای کله‌جوب - روستای سراب
۲۹۷	قصرشیرین	روانسر	۱۱:۰۰ - ۱۳:۰۰	خیابان جلیلی - بازار - خیابان نواب
۲۹۸	صحنه	صحنه	۱۲:۰۰ - ۱۴:۰۰	شهرک ظفر - شهرک معلم - کوچه‌های ۱ تا ۱۴
۲۹۹	گیلانغرب	قصرشیرین	۰۹:۰۰ - ۱۱:۰۰	خیابان امام - کوچه شهید بهشتی - خیابان فردوسی - بلوار شهید چمران
۳۰۰	کنگاور	روانسر	۱۰:۰۰ - ۱۲:۰۰	بلوار طاق‌بستان - خیابان مدرس - میدان آزادی - کوچه‌های فرعی
۳۰۱	کرمانشاه	صحنه	۱۶:۰۰ - ۱۸:۰۰	روستاهای اطراف - دهستان میان‌دربند - جاده اصلی
۳۰۲	پاوه	قصرشیرین	۰۸:۰۰ - ۱۰:۰۰	شهرک صنعتی - خیابان ولیعصر - خیابان شریعتی - بلوار کشاورز - خیابان ۲۲ بهمن - میدان مرکزی
۳۰۳	سنقر	روانسر	۱۴:۰۰ - ۱۶:۰۰	خیابان بهار - کوچه گلستان
۳۰۴	سرپل‌ذهاب	صحنه	۱۱:۰۰ - ۱۳:۰۰	محله فرهنگیان - شهرک الهیه - خیابان نوبهار - کوچه ۱۲
۳۰۵	هرسین	قصرشیرین	۱۲:۰۰ - ۱۴:۰۰	بلوار جمهوری - پارک شاهد - خیابان کسرا - چهارراه نفت - خیابان سیروس
۳۰۶	دالاهو	روانسر	۰۹:۰۰ - ۱۱:۰۰	روستای قلعه‌شاهین - روستای کله‌جوب - روستای سراب
۳۰۷	جوانرود	صحنه	۱۰:۰۰ - ۱۲:۰۰	خیابان جلیلی - بازار - خیابان نواب
۳۰۸	اسلام‌آباد	قصرشیرین	۱۶:۰۰ - ۱۸:۰۰	شهرک ظفر - شهرک معلم - کوچه‌های ۱ تا ۱۴
۳۰۹	قصرشیرین	روانسر	۰۸:۰۰ - ۱۰:۰۰	خیابان امام - کوچه شهید بهشتی - خیابان فردوسی - بلوار شهید چمران
۳۱۰	صحنه	صحنه	۱۴:۰۰ - ۱۶:۰۰	بلوار طاق‌بستان - خیابان مدرس - میدان آزادی - کوچه‌های فرعی
۳۱۱	گیلانغرب	قصرشیرین	۱۱:۰۰ - ۱۳:۰۰	روستاهای اطراف - دهستان میان‌دربند - جاده اصلی
۳۱۲	کنگاور	روانسر	۱۲:۰۰ - ۱۴:۰۰	شهرک صنعتی - خیابان ولیعصر - خیابان شریعتی - بلوار کشاورز - خیابان ۲۲ بهمن - میدان مرکزی
۳۱۳	کرمانشاه	صحنه	۰۹:۰۰ - ۱۱:۰۰	خیابان بهار - کوچه گلستان
۳۱۴	پاوه	قصرشیرین	۱۰:۰۰ - ۱۲:۰۰	محله فرهنگیان - شهرک الهیه - خیابان نوبهار - کوچه ۱۲
ردیف	شهرستان	شهر	ساعت خاموشی	محدوده خاموشی
۳۱۵	سنقر	روانسر	۱۶:۰۰ - ۱۸:۰۰	روستای قلعه‌شاهین - روستای کله‌جوب - روستای سراب
۳۱۶	سرپل‌ذهاب	صحنه	۰۸:۰۰ - ۱۰:۰۰	خیابان جلیلی - بازار - خیابان نواب
۳۱۷	هرسین	قصرشیرین	۱۴:۰۰ - ۱۶:۰۰	شهرک ظفر - شهرک معلم - کوچه‌های ۱ تا ۱۴
۳۱۸	دالاهو	روانسر	۱۱:۰۰ - ۱۳:۰۰	خیابان امام - کوچه شهید بهشتی - خیابان فردوسی - بلوار شهید چمران
۳۱۹	جوانرود	صحنه	۱۲:۰۰ - ۱۴:۰۰	بلوار طاق‌بستان - خیابان مدرس - میدان آزادی - کوچه‌های فرعی
۳۲۰	اسلام‌آباد	قصرشیرین	۰۹:۰۰ - ۱۱:۰۰	روستاهای اطراف - دهستان میان‌دربند - جاده اصلی
۳۲۱	قصرشیرین	روانسر	۱۰:۰۰ - ۱۲:۰۰	شهرک صنعتی - خیابان ولیعصر - خیابان شریعتی - بلوار کشاورز - خیابان ۲۲ بهمن - میدان مرکزی
۳۲۲	صحنه	صحنه	۱۶:۰۰ - ۱۸:۰۰	خیابان بهار - کوچه گلستان
۳۲۳	گیلانغرب	قصرشیرین	۰۸:۰۰ - ۱۰:۰۰	محله فرهنگیان - شهرک الهیه - خیابان نوبهار - کوچه ۱۲
۳۲۴	کنگاور	روانسر	۱۴:۰۰ - ۱۶:۰۰	بلوار جمهوری - پارک شاهد - خیابان کسرا - چهارراه نفت - خیابان سیروس
۳۲۵	کرمانشاه	صحنه	۱۱:۰۰ - ۱۳:۰۰	روستای قلعه‌شاهین - روستای کله‌جوب - روستای سراب
۳۲۶	پاوه	قصرشیرین	۱۲:۰۰ - ۱۴:۰۰	خیابان جلیلی - بازار - خیابان نواب
۳۲۷	سنقر	روانسر	۰۹:۰۰ - ۱۱:۰۰	شهرک ظفر - شهرک معلم - کوچه‌های ۱ تا ۱۴
۳۲۸	سرپل‌ذهاب	صحنه	۱۰:۰۰ - ۱۲:۰۰	خیابان امام - کوچه شهید بهشتی - خیابان فردوسی - بلوار شهید چمران
۳۲۹	هرسین	قصرشیرین	۱۶:۰۰ - ۱۸:۰۰	بلوار طاق‌بستان - خیابان مدرس - میدان آزادی - کوچه‌های فرعی
۳۳۰	دالاهو	روانسر	۰۸:۰۰ - ۱۰:۰۰	روستاهای اطراف - دهستان میان‌دربند - جاده اصلی
۳۳۱	جوانرود	صحنه	۱۴:۰۰ - ۱۶:۰۰	شهرک صنعتی - خیابان ولیعصر - خیابان شریعتی - بلوار کشاورز - خیابان ۲۲ بهمن - میدان مرکزی
۳۳۲	اسلام‌آباد	قصرشیرین	۱۱:۰۰ - ۱۳:۰۰	خیابان بهار - کوچه گلستان
۳۳۳	قصرشیرین	روانسر	۱۲:۰۰ - ۱۴:۰۰	محله فرهنگیان - شهرک الهیه - خیابان نوبهار - کوچه ۱۲
۳۳۴	صحنه	صحنه	۰۹:۰۰ - ۱۱:۰۰	بلوار جمهوری - پارک شاهد - خیابان کسرا - چهارراه نفت - خیابان سیروس
۳۳۵	گیلانغرب	قصرشیرین	۱۰:۰۰ - ۱۲:۰۰	روستای قلعه‌شاهین - روستای کله‌جوب - روستای سراب
۳۳۶	کنگاور	روانسر	۱۶:۰۰ - ۱۸:۰۰	خیابان جلیلی - بازار - خیابان نواب
۳۳۷	کرمانشاه	صحنه	۰۸:۰۰ - ۱۰:۰۰	شهرک ظفر - شهرک معلم - کوچه‌های ۱ تا ۱۴
۳۳۸	پاوه	قصرشیرین	۱۴:۰۰ - ۱۶:۰۰	خیابان امام - کوچه شهید بهشتی - خیابان فردوسی - بلوار شهید چمران
۳۳۹	سنقر	روانسر	۱۱:۰۰ - ۱۳:۰۰	بلوار طاق‌بستان - خیابان مدرس - میدان آزادی - کوچه‌های فرعی
۳۴۰	سرپل‌ذهاب	صحنه	۱۲:۰۰ - ۱۴:۰۰	روستاهای اطراف - دهستان میان‌دربند - جاده اصلی
۳۴۱	هرسین	قصرشیرین	۰۹:۰۰ - ۱۱:۰۰	شهرک صنعتی - خیابان ولیعصر - خیابان شریعتی - بلوار کشاورز - خیابان ۲۲ بهمن - میدان مرکزی
۳۴۲	دالاهو	روانسر	۱۰:۰۰ - ۱۲:۰۰	خیابان بهار - کوچه گلستان
۳۴۳	جوانرود	صحنه	۱۶:۰۰ - ۱۸:۰۰	محله فرهنگیان - شهرک الهیه - خیابان نوبهار - کوچه ۱۲
۳۴۴	اسلام‌آباد	قصرشیرین	۰۸:۰۰ - ۱۰:۰۰	بلوار جمهوری - پارک شاهد - خیابان کسرا - چهارراه نفت - خیابان سیروس
۳۴۵	قصرشیرین	روانسر	۱۴:۰۰ - ۱۶:۰۰	روستای قلعه‌شاهین - روستای کله‌جوب - روستای سراب
۳۴۶	صحنه	صحنه	۱۱:۰۰ - ۱۳:۰۰	خیابان جلیلی - بازار - خیابان نواب
۳۴۷	گیلانغرب	قصرشیرین	۱۲:۰۰ - ۱۴:۰۰	شهرک ظفر - شهرک معلم - کوچه‌های ۱ تا ۱۴
۳۴۸	کنگاور	روانسر	۰۹:۰۰ - ۱۱:۰۰	خیابان امام - کوچه شهید بهشتی - خیابان فردوسی - بلوار شهید چمران
۳۴۹	کرمانشاه	صحنه	۱۰:۰۰ - ۱۲:۰۰	بلوار طاق‌بستان - خیابان مدرس - میدان آزادی - کوچه‌های فرعی
۳۵۰	پاوه	قصرشیرین	۱۶:۰۰ - ۱۸:۰۰	روستاهای اطراف - دهستان میان‌دربند - جاده اصلی
۳۵۱	سنقر	روانسر	۰۸:۰۰ - ۱۰:۰۰	شهرک صنعتی - خیابان ولیعصر - خیابان شریعتی - بلوار کشاورز - خیابان ۲۲ بهمن - میدان مرکزی
۳۵۲	سرپل‌ذهاب	صحنه	۱۴:۰۰ - ۱۶:۰۰	خیابان بهار - کوچه گلستان
۳۵۳	هرسین	قصرشیرین	۱۱:۰۰ - ۱۳:۰۰	محله فرهنگیان - شهرک الهیه - خیابان نوبهار - کوچه ۱۲
۳۵۴	دالاهو	روانسر	۱۲:۰۰ - ۱۴:۰۰	بلوار جمهوری - پارک شاهد - خیابان کسرا - چهارراه نفت - خیابان سیروس
۳۵۵	جوانرود	صحنه	۰۹:۰۰ - ۱۱:۰۰	روستای قلعه‌شاهین - روستای کله‌جوب - روستای سراب
۳۵۶	اسلام‌آباد	قصرشیرین	۱۰:۰۰ - ۱۲:۰۰	خیابان جلیلی - بازار - خیابان نواب
۳۵۷	قصرشیرین	روانسر	۱۶:۰۰ - ۱۸:۰۰	شهرک ظفر - شهرک معلم - کوچه‌های ۱ تا ۱۴
۳۵۸	صحنه	صحنه	۰۸:۰۰ - ۱۰:۰۰	خیابان امام - کوچه شهید بهشتی - خیابان فردوسی - بلوار شهید چمران
۳۵۹	گیلانغرب	قصرشیرین	۱۴:۰۰ - ۱۶:۰۰	بلوار طاق‌بستان - خیابان مدرس - میدان آزادی - کوچه‌های فرعی
۳۶۰	کنگاور	روانسر	۱۱:۰۰ - ۱۳:۰۰	روستاهای اطراف - دهستان میان‌دربند - جاده اصلی
۳۶۱	کرمانشاه	صحنه	۱۲:۰۰ - ۱۴:۰۰	شهرک صنعتی - خیابان ولیعصر - خیابان شریعتی - بلوار کشاورز - خیابان ۲۲ بهمن - میدان مرکزی
۳۶۲	پاوه	قصرشیرین	۰۹:۰۰ - ۱۱:۰۰	خیابان بهار - کوچه گلستان
۳۶۳	سنقر	روانسر	۱۰:۰۰ - ۱۲:۰۰	محله فرهنگیان - شهرک الهیه - خیابان نوبهار - کوچه ۱۲
۳۶۴	سرپل‌ذهاب	صحنه	۱۶:۰۰ - ۱۸:۰۰	بلوار جمهوری - پارک شاهد - خیابان کسرا - چهارراه نفت - خیابان سیروس
۳۶۵	هرسین	قصرشیرین	۰۸:۰۰ - ۱۰:۰۰	روستای قلعه‌شاهین - روستای کله‌جوب - روستای سراب
۳۶۶	دالاهو	روانسر	۱۴:۰۰ - ۱۶:۰۰	خیابان جلیلی - بازار - خیابان نواب
۳۶۷	جوانرود	صحنه	۱۱:۰۰ - ۱۳:۰۰	شهرک ظفر - شهرک معلم - کوچه‌های ۱ تا ۱۴
۳۶۸	اسلام‌آباد	قصرشیرین	۱۲:۰۰ - ۱۴:۰۰	خیابان امام - کوچه شهید بهشتی - خیابان فردوسی - بلوار شهید چمران
۳۶۹	قصرشیرین	روانسر	۰۹:۰۰ - ۱۱:۰۰	بلوار طاق‌بستان - خیابان مدرس - میدان آزادی - کوچه‌های فرعی
۳۷۰	صحنه	صحنه	۱۰:۰۰ - ۱۲:۰۰	روستاهای اطراف - دهستان میان‌دربند - جاده اصلی
۳۷۱	گیلانغرب	قصرشیرین	۱۶:۰۰ - ۱۸:۰۰	شهرک صنعتی - خیابان ولیعصر - خیابان شریعتی - بلوار کشاورز - خیابان ۲۲ بهمن - میدان مرکزی
۳۷۲	کنگاور	روانسر	۰۸:۰۰ - ۱۰:۰۰	خیابان بهار - کوچه گلستان
۳۷۳	کرمانشاه	صحنه	۱۴:۰۰ - ۱۶:۰۰	محله فرهنگیان - شهرک الهیه - خیابان نوبهار - کوچه ۱۲
۳۷۴	پاوه	قصرشیرین	۱۱:۰۰ - ۱۳:۰۰	بلوار جمهوری - پارک شاهد - خیابان کسرا - چهارراه نفت - خیابان سیروس
۳۷۵	سنقر	روانسر	۱۲:۰۰ - ۱۴:۰۰	روستای قلعه‌شاهین - روستای کله‌جوب - روستای سراب
۳۷۶	سرپل‌ذهاب	صحنه	۰۹:۰۰ - ۱۱:۰۰	خیابان جلیلی - بازار - خیابان نواب
۳۷۷	هرسین	قصرشیرین	۱۰:۰۰ - ۱۲:۰۰	شهرک ظفر - شهرک معلم - کوچه‌های ۱ تا ۱۴
۳۷۸	دالاهو	روانسر	۱۶:۰۰ - ۱۸:۰۰	خیابان امام - کوچه شهید بهشتی - خیابان فردوسی - بلوار شهید چمران
۳۷۹	جوانرود	صحنه	۰۸:۰۰ - ۱۰:۰۰	بلوار طاق‌بستان - خیابان مدرس - میدان آزادی - کوچه‌های فرعی
۳۸۰	اسلام‌آباد	قصرشیرین	۱۴:۰۰ - ۱۶:۰۰	روستاهای اطراف - دهستان میان‌دربند - جاده اصلی
۳۸۱	قصرشیرین	روانسر	۱۱:۰۰ - ۱۳:۰۰	شهرک صنعتی - خیابان ولیعصر - خیابان شریعتی - بلوار کشاورز - خیابان ۲۲ بهمن - میدان مرکزی
۳۸۲	صحنه	صحنه	۱۲:۰۰ - ۱۴:۰۰	خیابان بهار - کوچه گلستان
۳۸۳	گیلانغرب	قصرشیرین	۰۹:۰۰ - ۱۱:۰۰	محله فرهنگیان - شهرک الهیه - خیابان نوبهار - کوچه ۱۲
۳۸۴	کنگاور	روانسر	۱۰:۰۰ - ۱۲:۰۰	بلوار جمهوری - پارک شاهد - خیابان کسرا - چهارراه نفت - خیابان سیروس
۳۸۵	کرمانشاه	صحنه	۱۶:۰۰ - ۱۸:۰۰	روستای قلعه‌شاهین - روستای کله‌جوب - روستای سراب
۳۸۶	پاوه	قصرشیرین	۰۸:۰۰ - ۱۰:۰۰	خیابان جلیلی - بازار - خیابان نواب
۳۸۷	سنقر	روانسر	۱۴:۰۰ - ۱۶:۰۰	شهرک ظفر - شهرک معلم - کوچه‌های ۱ تا ۱۴
۳۸۸	سرپل‌ذهاب	صحنه	۱۱:۰۰ - ۱۳:۰۰	خیابان امام - کوچه شهید بهشتی - خیابان فردوسی - بلوار شهید چمران
۳۸۹	هرسین	قصرشیرین	۱۲:۰۰ - ۱۴:۰۰	بلوار طاق‌بستان - خیابان مدرس - میدان آزادی - کوچه‌های فرعی
۳۹۰	دالاهو	روانسر	۰۹:۰۰ - ۱۱:۰۰	روستاهای اطراف - دهستان میان‌دربند - جاده اصلی
۳۹۱	جوانرود	صحنه	۱۰:۰۰ - ۱۲:۰۰	شهرک صنعتی - خیابان ولیعصر - خیابان شریعتی - بلوار کشاورز - خیابان ۲۲ بهمن - میدان مرکزی
۳۹۲	اسلام‌آباد	قصرشیرین	۱۶:۰۰ - ۱۸:۰۰	خیابان بهار - کوچه گلستان
۳۹۳	قصرشیرین	روانسر	۰۸:۰۰ - ۱۰:۰۰	محله فرهنگیان - شهرک الهیه - خیابان نوبهار - کوچه ۱۲
۳۹۴	صحنه	صحنه	۱۴:۰۰ - ۱۶:۰۰	بلوار جمهوری - پارک شاهد - خیابان کسرا - چهارراه نفت - خیابان سیروس
۳۹۵	گیلانغرب	قصرشیرین	۱۱:۰۰ - ۱۳:۰۰	روستای قلعه‌شاهین - روستای کله‌جوب - روستای سراب
۳۹۶	کنگاور	روانسر	۱۲:۰۰ - ۱۴:۰۰	خیابان جلیلی - بازار - خیابان نواب
۳۹۷	کرمانشاه	صحنه	۰۹:۰۰ - ۱۱:۰۰	شهرک ظفر - شهرک معلم - کوچه‌های ۱ تا ۱۴
۳۹۸	پاوه	قصرشیرین	۱۰:۰۰ - ۱۲:۰۰	خیابان امام - کوچه شهید بهشتی - خیابان فردوسی - بلوار شهید چمران
۳۹۹	سنقر	روانسر	۱۶:۰۰ - ۱۸:۰۰	بلوار طاق‌بستان - خیابان مدرس - میدان آزادی - کوچه‌های فرعی
۴۰۰	سرپل‌ذهاب	صحنه	۰۸:۰۰ - ۱۰:۰۰	روستاهای اطراف - دهستان میان‌دربند - جاده اصلی
۴۰۱	هرسین	قصرشیرین	۱۴:۰۰ - ۱۶:۰۰	شهرک صنعتی - خیابان ولیعصر - خیابان شریعتی - بلوار کشاورز - خیابان ۲۲ بهمن - میدان مرکزی
۴۰۲	دالاهو	روانسر	۱۱:۰۰ - ۱۳:۰۰	خیابان بهار - کوچه گلستان
